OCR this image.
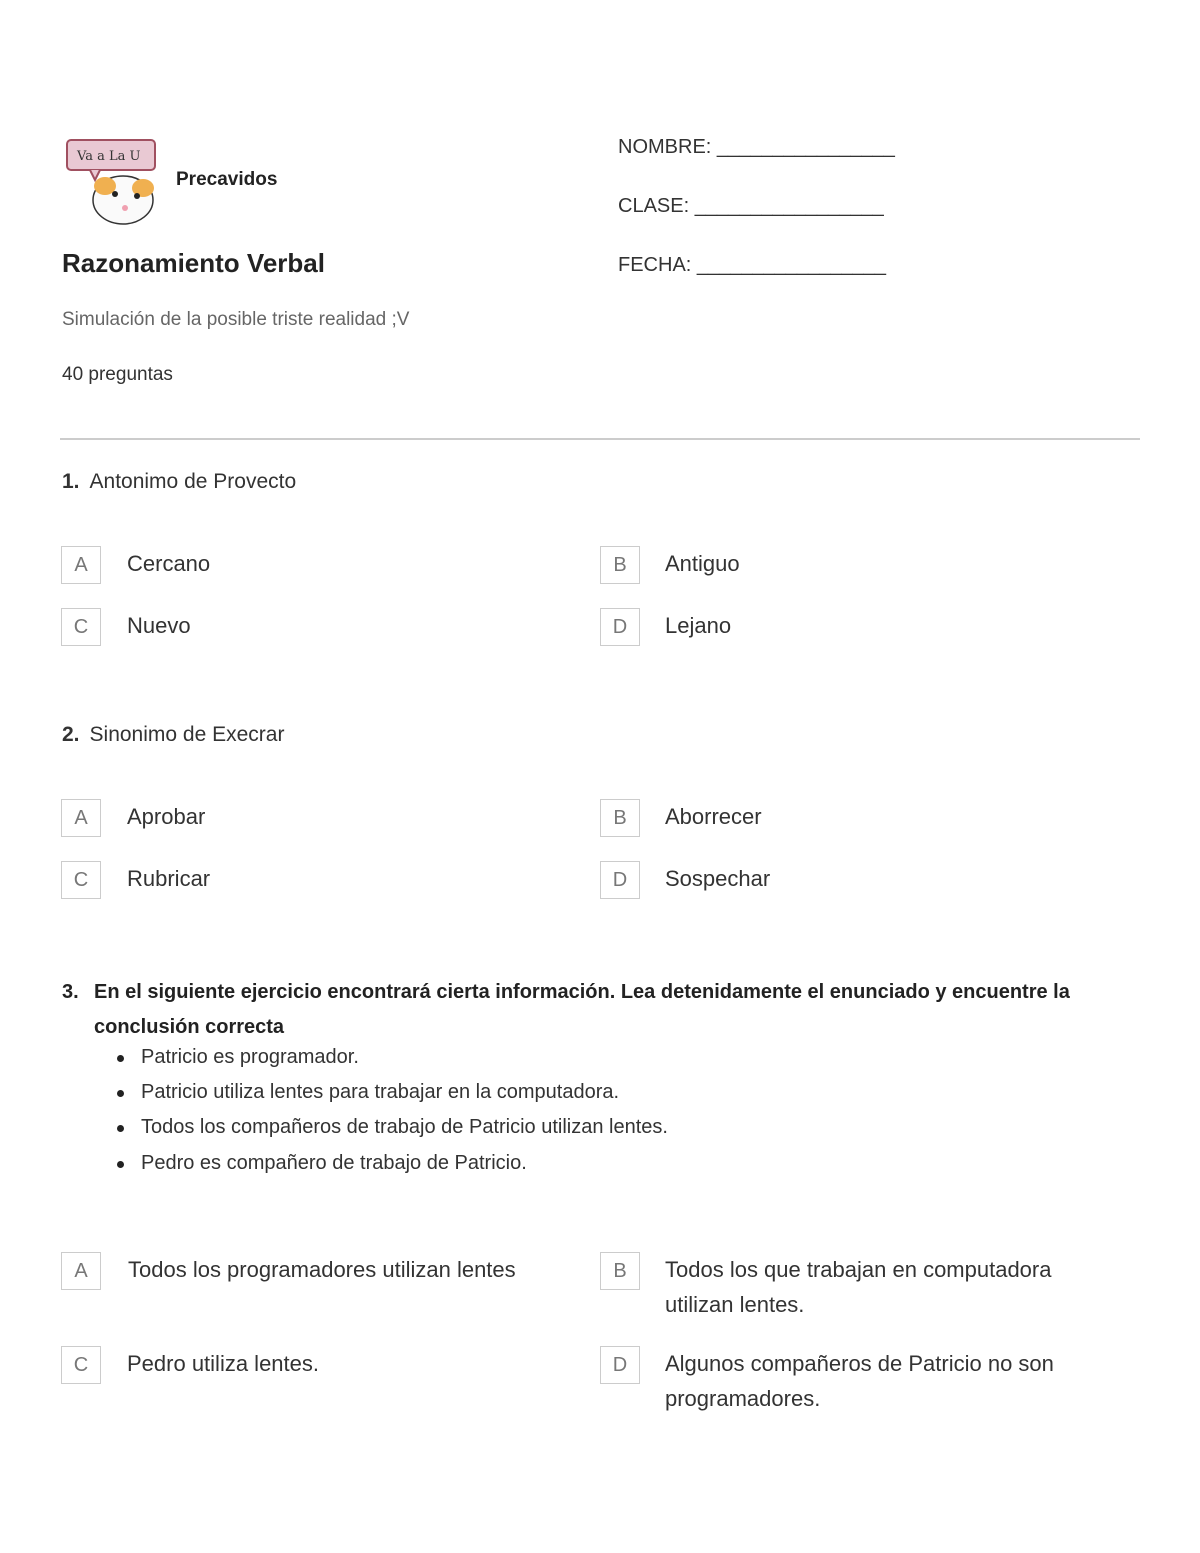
Va a La U
Precavidos
Razonamiento Verbal
Simulación de la posible triste realidad ;V
40 preguntas
NOMBRE: ________________
CLASE: _________________
FECHA: _________________
1. Antonimo de Provecto
A	Cercano	B	Antiguo
C	Nuevo	D	Lejano
2. Sinonimo de Execrar
A	Aprobar	B	Aborrecer
C	Rubricar	D	Sospechar
3. En el siguiente ejercicio encontrará cierta información. Lea detenidamente el enunciado y encuentre la conclusión correcta
Patricio es programador.
Patricio utiliza lentes para trabajar en la computadora.
Todos los compañeros de trabajo de Patricio utilizan lentes.
Pedro es compañero de trabajo de Patricio.
A	Todos los programadores utilizan lentes	B	Todos los que trabajan en computadora utilizan lentes.
C	Pedro utiliza lentes.	D	Algunos compañeros de Patricio no son programadores.
